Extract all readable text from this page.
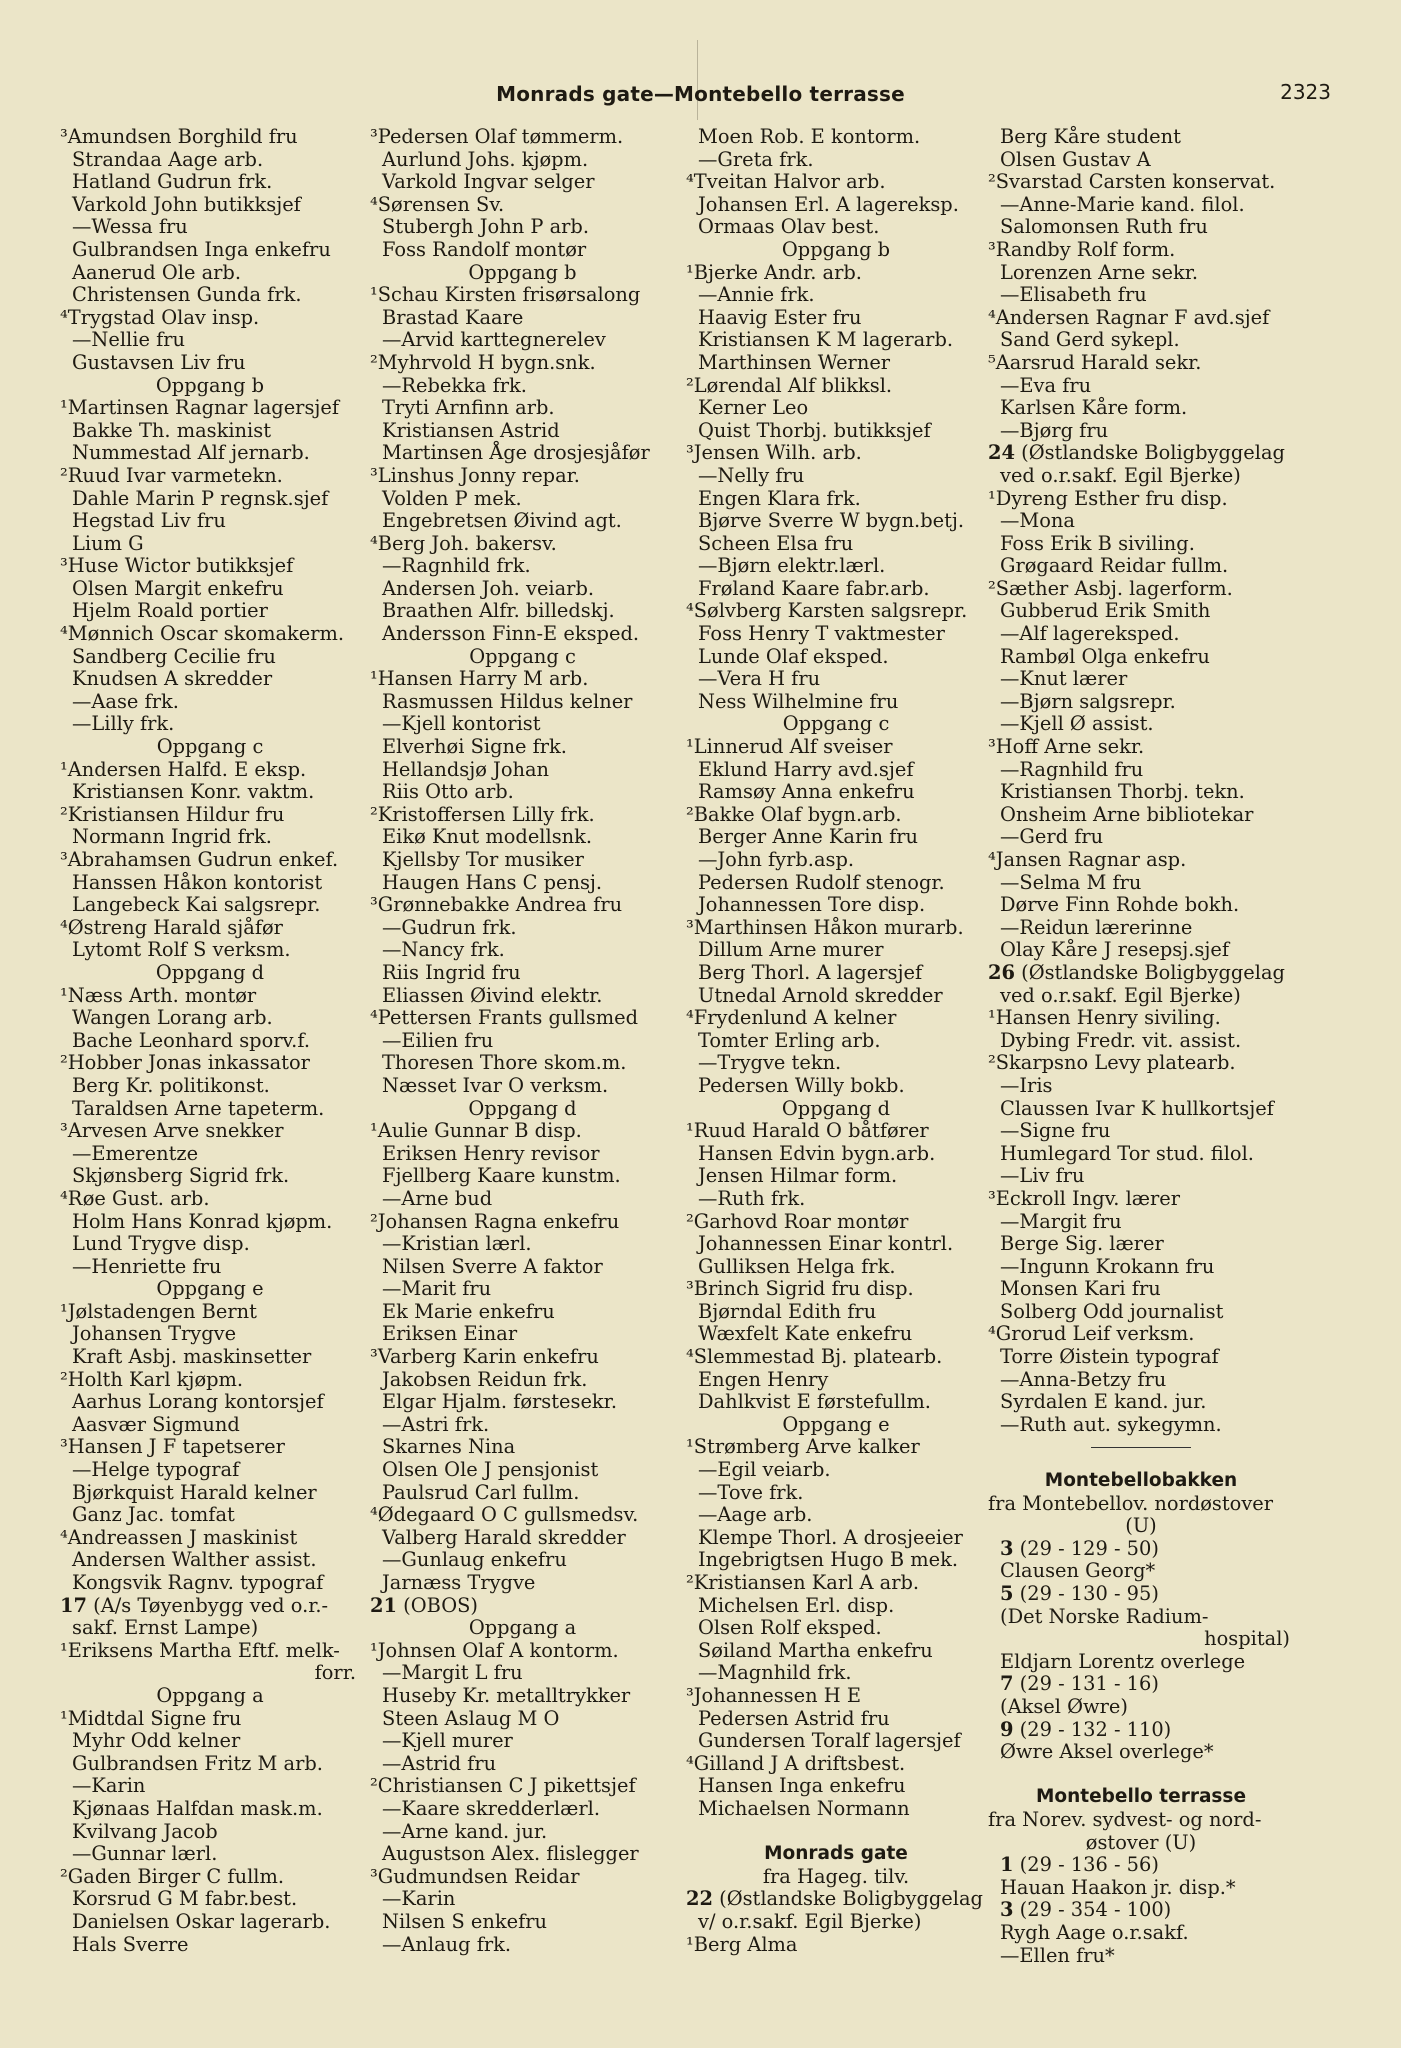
Monrads gate—Montebello terrasse	2323
³Amundsen Borghild fru
Strandaa Aage arb.
Hatland Gudrun frk.
Varkold John butikksjef
—Wessa fru
Gulbrandsen Inga enkefru
Aanerud Ole arb.
Christensen Gunda frk.
⁴Trygstad Olav insp.
—Nellie fru
Gustavsen Liv fru
Oppgang b
¹Martinsen Ragnar lagersjef
Bakke Th. maskinist
Nummestad Alf jernarb.
²Ruud Ivar varmetekn.
Dahle Marin P regnsk.sjef
Hegstad Liv fru
Lium G
³Huse Wictor butikksjef
Olsen Margit enkefru
Hjelm Roald portier
⁴Mønnich Oscar skomakerm.
Sandberg Cecilie fru
Knudsen A skredder
—Aase frk.
—Lilly frk.
Oppgang c
¹Andersen Halfd. E eksp.
Kristiansen Konr. vaktm.
²Kristiansen Hildur fru
Normann Ingrid frk.
³Abrahamsen Gudrun enkef.
Hanssen Håkon kontorist
Langebeck Kai salgsrepr.
⁴Østreng Harald sjåfør
Lytomt Rolf S verksm.
Oppgang d
¹Næss Arth. montør
Wangen Lorang arb.
Bache Leonhard sporv.f.
²Hobber Jonas inkassator
Berg Kr. politikonst.
Taraldsen Arne tapeterm.
³Arvesen Arve snekker
—Emerentze
Skjønsberg Sigrid frk.
⁴Røe Gust. arb.
Holm Hans Konrad kjøpm.
Lund Trygve disp.
—Henriette fru
Oppgang e
¹Jølstadengen Bernt
Johansen Trygve
Kraft Asbj. maskinsetter
²Holth Karl kjøpm.
Aarhus Lorang kontorsjef
Aasvær Sigmund
³Hansen J F tapetserer
—Helge typograf
Bjørkquist Harald kelner
Ganz Jac. tomfat
⁴Andreassen J maskinist
Andersen Walther assist.
Kongsvik Ragnv. typograf
17 (A/s Tøyenbygg ved o.r.-
sakf. Ernst Lampe)
¹Eriksens Martha Eftf. melk-
forr.
Oppgang a
¹Midtdal Signe fru
Myhr Odd kelner
Gulbrandsen Fritz M arb.
—Karin
Kjønaas Halfdan mask.m.
Kvilvang Jacob
—Gunnar lærl.
²Gaden Birger C fullm.
Korsrud G M fabr.best.
Danielsen Oskar lagerarb.
Hals Sverre
³Pedersen Olaf tømmerm.
Aurlund Johs. kjøpm.
Varkold Ingvar selger
⁴Sørensen Sv.
Stubergh John P arb.
Foss Randolf montør
Oppgang b
¹Schau Kirsten frisørsalong
Brastad Kaare
—Arvid karttegnerelev
²Myhrvold H bygn.snk.
—Rebekka frk.
Tryti Arnfinn arb.
Kristiansen Astrid
Martinsen Åge drosjesjåfør
³Linshus Jonny repar.
Volden P mek.
Engebretsen Øivind agt.
⁴Berg Joh. bakersv.
—Ragnhild frk.
Andersen Joh. veiarb.
Braathen Alfr. billedskj.
Andersson Finn-E eksped.
Oppgang c
¹Hansen Harry M arb.
Rasmussen Hildus kelner
—Kjell kontorist
Elverhøi Signe frk.
Hellandsjø Johan
Riis Otto arb.
²Kristoffersen Lilly frk.
Eikø Knut modellsnk.
Kjellsby Tor musiker
Haugen Hans C pensj.
³Grønnebakke Andrea fru
—Gudrun frk.
—Nancy frk.
Riis Ingrid fru
Eliassen Øivind elektr.
⁴Pettersen Frants gullsmed
—Eilien fru
Thoresen Thore skom.m.
Næsset Ivar O verksm.
Oppgang d
¹Aulie Gunnar B disp.
Eriksen Henry revisor
Fjellberg Kaare kunstm.
—Arne bud
²Johansen Ragna enkefru
—Kristian lærl.
Nilsen Sverre A faktor
—Marit fru
Ek Marie enkefru
Eriksen Einar
³Varberg Karin enkefru
Jakobsen Reidun frk.
Elgar Hjalm. førstesekr.
—Astri frk.
Skarnes Nina
Olsen Ole J pensjonist
Paulsrud Carl fullm.
⁴Ødegaard O C gullsmedsv.
Valberg Harald skredder
—Gunlaug enkefru
Jarnæss Trygve
21 (OBOS)
Oppgang a
¹Johnsen Olaf A kontorm.
—Margit L fru
Huseby Kr. metalltrykker
Steen Aslaug M O
—Kjell murer
—Astrid fru
²Christiansen C J pikettsjef
—Kaare skredderlærl.
—Arne kand. jur.
Augustson Alex. flislegger
³Gudmundsen Reidar
—Karin
Nilsen S enkefru
—Anlaug frk.
Moen Rob. E kontorm.
—Greta frk.
⁴Tveitan Halvor arb.
Johansen Erl. A lagereksp.
Ormaas Olav best.
Oppgang b
¹Bjerke Andr. arb.
—Annie frk.
Haavig Ester fru
Kristiansen K M lagerarb.
Marthinsen Werner
²Lørendal Alf blikksl.
Kerner Leo
Quist Thorbj. butikksjef
³Jensen Wilh. arb.
—Nelly fru
Engen Klara frk.
Bjørve Sverre W bygn.betj.
Scheen Elsa fru
—Bjørn elektr.lærl.
Frøland Kaare fabr.arb.
⁴Sølvberg Karsten salgsrepr.
Foss Henry T vaktmester
Lunde Olaf eksped.
—Vera H fru
Ness Wilhelmine fru
Oppgang c
¹Linnerud Alf sveiser
Eklund Harry avd.sjef
Ramsøy Anna enkefru
²Bakke Olaf bygn.arb.
Berger Anne Karin fru
—John fyrb.asp.
Pedersen Rudolf stenogr.
Johannessen Tore disp.
³Marthinsen Håkon murarb.
Dillum Arne murer
Berg Thorl. A lagersjef
Utnedal Arnold skredder
⁴Frydenlund A kelner
Tomter Erling arb.
—Trygve tekn.
Pedersen Willy bokb.
Oppgang d
¹Ruud Harald O båtfører
Hansen Edvin bygn.arb.
Jensen Hilmar form.
—Ruth frk.
²Garhovd Roar montør
Johannessen Einar kontrl.
Gulliksen Helga frk.
³Brinch Sigrid fru disp.
Bjørndal Edith fru
Wæxfelt Kate enkefru
⁴Slemmestad Bj. platearb.
Engen Henry
Dahlkvist E førstefullm.
Oppgang e
¹Strømberg Arve kalker
—Egil veiarb.
—Tove frk.
—Aage arb.
Klempe Thorl. A drosjeeier
Ingebrigtsen Hugo B mek.
²Kristiansen Karl A arb.
Michelsen Erl. disp.
Olsen Rolf eksped.
Søiland Martha enkefru
—Magnhild frk.
³Johannessen H E
Pedersen Astrid fru
Gundersen Toralf lagersjef
⁴Gilland J A driftsbest.
Hansen Inga enkefru
Michaelsen Normann
Monrads gate
fra Hageg. tilv.
22 (Østlandske Boligbyggelag
v/ o.r.sakf. Egil Bjerke)
¹Berg Alma
Berg Kåre student
Olsen Gustav A
²Svarstad Carsten konservat.
—Anne-Marie kand. filol.
Salomonsen Ruth fru
³Randby Rolf form.
Lorenzen Arne sekr.
—Elisabeth fru
⁴Andersen Ragnar F avd.sjef
Sand Gerd sykepl.
⁵Aarsrud Harald sekr.
—Eva fru
Karlsen Kåre form.
—Bjørg fru
24 (Østlandske Boligbyggelag
ved o.r.sakf. Egil Bjerke)
¹Dyreng Esther fru disp.
—Mona
Foss Erik B siviling.
Grøgaard Reidar fullm.
²Sæther Asbj. lagerform.
Gubberud Erik Smith
—Alf lagereksped.
Rambøl Olga enkefru
—Knut lærer
—Bjørn salgsrepr.
—Kjell Ø assist.
³Hoff Arne sekr.
—Ragnhild fru
Kristiansen Thorbj. tekn.
Onsheim Arne bibliotekar
—Gerd fru
⁴Jansen Ragnar asp.
—Selma M fru
Dørve Finn Rohde bokh.
—Reidun lærerinne
Olay Kåre J resepsj.sjef
26 (Østlandske Boligbyggelag
ved o.r.sakf. Egil Bjerke)
¹Hansen Henry siviling.
Dybing Fredr. vit. assist.
²Skarpsno Levy platearb.
—Iris
Claussen Ivar K hullkortsjef
—Signe fru
Humlegard Tor stud. filol.
—Liv fru
³Eckroll Ingv. lærer
—Margit fru
Berge Sig. lærer
—Ingunn Krokann fru
Monsen Kari fru
Solberg Odd journalist
⁴Grorud Leif verksm.
Torre Øistein typograf
—Anna-Betzy fru
Syrdalen E kand. jur.
—Ruth aut. sykegymn.
Montebellobakken
fra Montebellov. nordøstover
(U)
3 (29 - 129 - 50)
Clausen Georg*
5 (29 - 130 - 95)
(Det Norske Radium-
hospital)
Eldjarn Lorentz overlege
7 (29 - 131 - 16)
(Aksel Øwre)
9 (29 - 132 - 110)
Øwre Aksel overlege*
Montebello terrasse
fra Norev. sydvest- og nord-
østover (U)
1 (29 - 136 - 56)
Hauan Haakon jr. disp.*
3 (29 - 354 - 100)
Rygh Aage o.r.sakf.
—Ellen fru*
